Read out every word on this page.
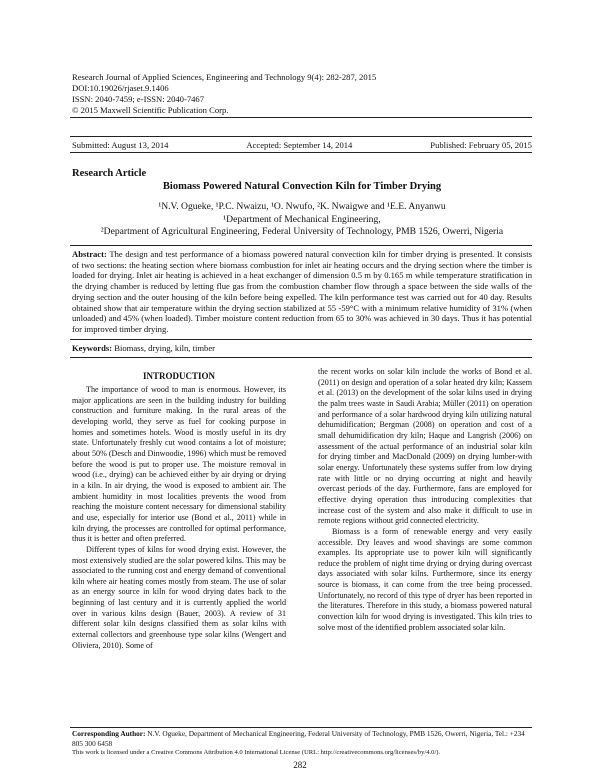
Research Journal of Applied Sciences, Engineering and Technology 9(4): 282-287, 2015
DOI:10.19026/rjaset.9.1406
ISSN: 2040-7459; e-ISSN: 2040-7467
© 2015 Maxwell Scientific Publication Corp.
Submitted: August 13, 2014	Accepted: September 14, 2014	Published: February 05, 2015
Research Article
Biomass Powered Natural Convection Kiln for Timber Drying
¹N.V. Ogueke, ¹P.C. Nwaizu, ¹O. Nwufo, ²K. Nwaigwe and ¹E.E. Anyanwu
¹Department of Mechanical Engineering,
²Department of Agricultural Engineering, Federal University of Technology, PMB 1526, Owerri, Nigeria
Abstract: The design and test performance of a biomass powered natural convection kiln for timber drying is presented. It consists of two sections: the heating section where biomass combustion for inlet air heating occurs and the drying section where the timber is loaded for drying. Inlet air heating is achieved in a heat exchanger of dimension 0.5 m by 0.165 m while temperature stratification in the drying chamber is reduced by letting flue gas from the combustion chamber flow through a space between the side walls of the drying section and the outer housing of the kiln before being expelled. The kiln performance test was carried out for 40 day. Results obtained show that air temperature within the drying section stabilized at 55 -59°C with a minimum relative humidity of 31% (when unloaded) and 45% (when loaded). Timber moisture content reduction from 65 to 30% was achieved in 30 days. Thus it has potential for improved timber drying.
Keywords: Biomass, drying, kiln, timber
INTRODUCTION

The importance of wood to man is enormous. However, its major applications are seen in the building industry for building construction and furniture making. In the rural areas of the developing world, they serve as fuel for cooking purpose in homes and sometimes hotels. Wood is mostly useful in its dry state. Unfortunately freshly cut wood contains a lot of moisture; about 50% (Desch and Dinwoodie, 1996) which must be removed before the wood is put to proper use. The moisture removal in wood (i.e., drying) can be achieved either by air drying or drying in a kiln. In air drying, the wood is exposed to ambient air. The ambient humidity in most localities prevents the wood from reaching the moisture content necessary for dimensional stability and use, especially for interior use (Bond et al., 2011) while in kiln drying, the processes are controlled for optimal performance, thus it is better and often preferred.

Different types of kilns for wood drying exist. However, the most extensively studied are the solar powered kilns. This may be associated to the running cost and energy demand of conventional kiln where air heating comes mostly from steam. The use of solar as an energy source in kiln for wood drying dates back to the beginning of last century and it is currently applied the world over in various kilns design (Bauer, 2003). A review of 31 different solar kiln designs classified them as solar kilns with external collectors and greenhouse type solar kilns (Wengert and Oliviera, 2010). Some of

the recent works on solar kiln include the works of Bond et al. (2011) on design and operation of a solar heated dry kiln; Kassem et al. (2013) on the development of the solar kilns used in drying the palm trees waste in Saudi Arabia; Müller (2011) on operation and performance of a solar hardwood drying kiln utilizing natural dehumidification; Bergman (2008) on operation and cost of a small dehumidification dry kiln; Haque and Langrish (2006) on assessment of the actual performance of an industrial solar kiln for drying timber and MacDonald (2009) on drying lumber-with solar energy. Unfortunately these systems suffer from low drying rate with little or no drying occurring at night and heavily overcast periods of the day. Furthermore, fans are employed for effective drying operation thus introducing complexities that increase cost of the system and also make it difficult to use in remote regions without grid connected electricity.

Biomass is a form of renewable energy and very easily accessible. Dry leaves and wood shavings are some common examples. Its appropriate use to power kiln will significantly reduce the problem of night time drying or drying during overcast days associated with solar kilns. Furthermore, since its energy source is biomass, it can come from the tree being processed. Unfortunately, no record of this type of dryer has been reported in the literatures. Therefore in this study, a biomass powered natural convection kiln for wood drying is investigated. This kiln tries to solve most of the identified problem associated solar kiln.

Corresponding Author: N.V. Ogueke, Department of Mechanical Engineering, Federal University of Technology, PMB 1526, Owerri, Nigeria, Tel.: +234 805 300 6458
This work is licensed under a Creative Commons Attribution 4.0 International License (URL: http://creativecommons.org/licenses/by/4.0/).
282
